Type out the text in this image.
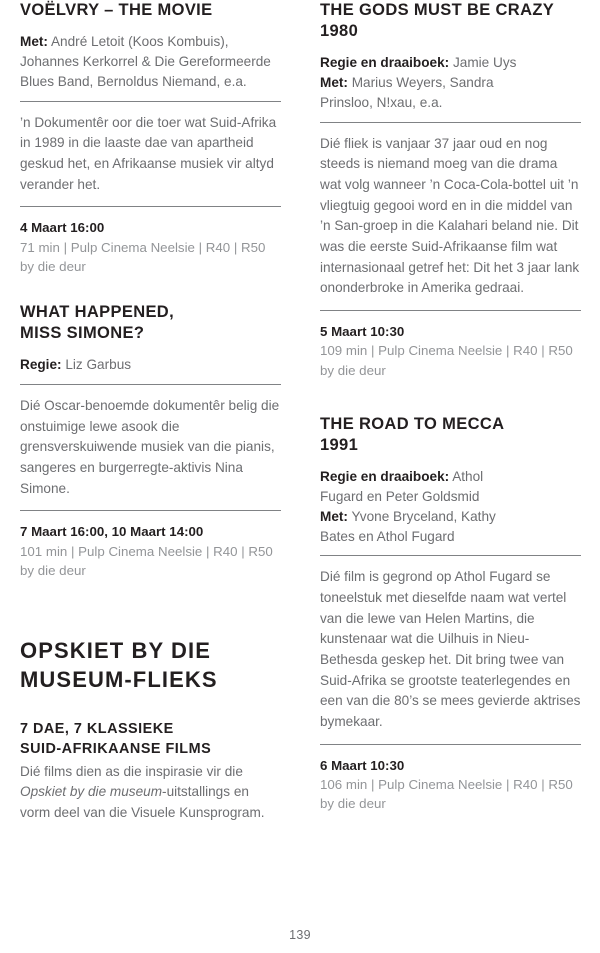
VOËLVRY – THE MOVIE
Met: André Letoit (Koos Kombuis),
Johannes Kerkorrel & Die Gereformeerde
Blues Band, Bernoldus Niemand, e.a.

’n Dokumentêr oor die toer wat Suid-Afrika in 1989 in die laaste dae van apartheid geskud het, en Afrikaanse musiek vir altyd verander het.

4 Maart 16:00

71 min | Pulp Cinema Neelsie | R40 | R50 by die deur

WHAT HAPPENED,
MISS SIMONE?
Regie: Liz Garbus

Dié Oscar-benoemde dokumentêr belig die onstuimige lewe asook die grensverskuiwende musiek van die pianis, sangeres en burgerregte-aktivis Nina Simone.

7 Maart 16:00, 10 Maart 14:00

101 min | Pulp Cinema Neelsie | R40 | R50 by die deur

OPSKIET BY DIE
MUSEUM-FLIEKS
7 DAE, 7 KLASSIEKE
SUID-AFRIKAANSE FILMS

Dié films dien as die inspirasie vir die Opskiet by die museum-uitstallings en vorm deel van die Visuele Kunsprogram.

THE GODS MUST BE CRAZY
1980
Regie en draaiboek: Jamie Uys
Met: Marius Weyers, Sandra
Prinsloo, N!xau, e.a.

Dié fliek is vanjaar 37 jaar oud en nog steeds is niemand moeg van die drama wat volg wanneer ’n Coca-Cola-bottel uit ’n vliegtuig gegooi word en in die middel van ’n San-groep in die Kalahari beland nie. Dit was die eerste Suid-Afrikaanse film wat internasionaal getref het: Dit het 3 jaar lank ononderbroke in Amerika gedraai.

5 Maart 10:30

109 min | Pulp Cinema Neelsie | R40 | R50 by die deur

THE ROAD TO MECCA
1991
Regie en draaiboek: Athol
Fugard en Peter Goldsmid
Met: Yvone Bryceland, Kathy
Bates en Athol Fugard

Dié film is gegrond op Athol Fugard se toneelstuk met dieselfde naam wat vertel van die lewe van Helen Martins, die kunstenaar wat die Uilhuis in Nieu-Bethesda geskep het. Dit bring twee van Suid-Afrika se grootste teaterlegendes en een van die 80’s se mees gevierde aktrises bymekaar.

6 Maart 10:30

106 min | Pulp Cinema Neelsie | R40 | R50 by die deur

139
